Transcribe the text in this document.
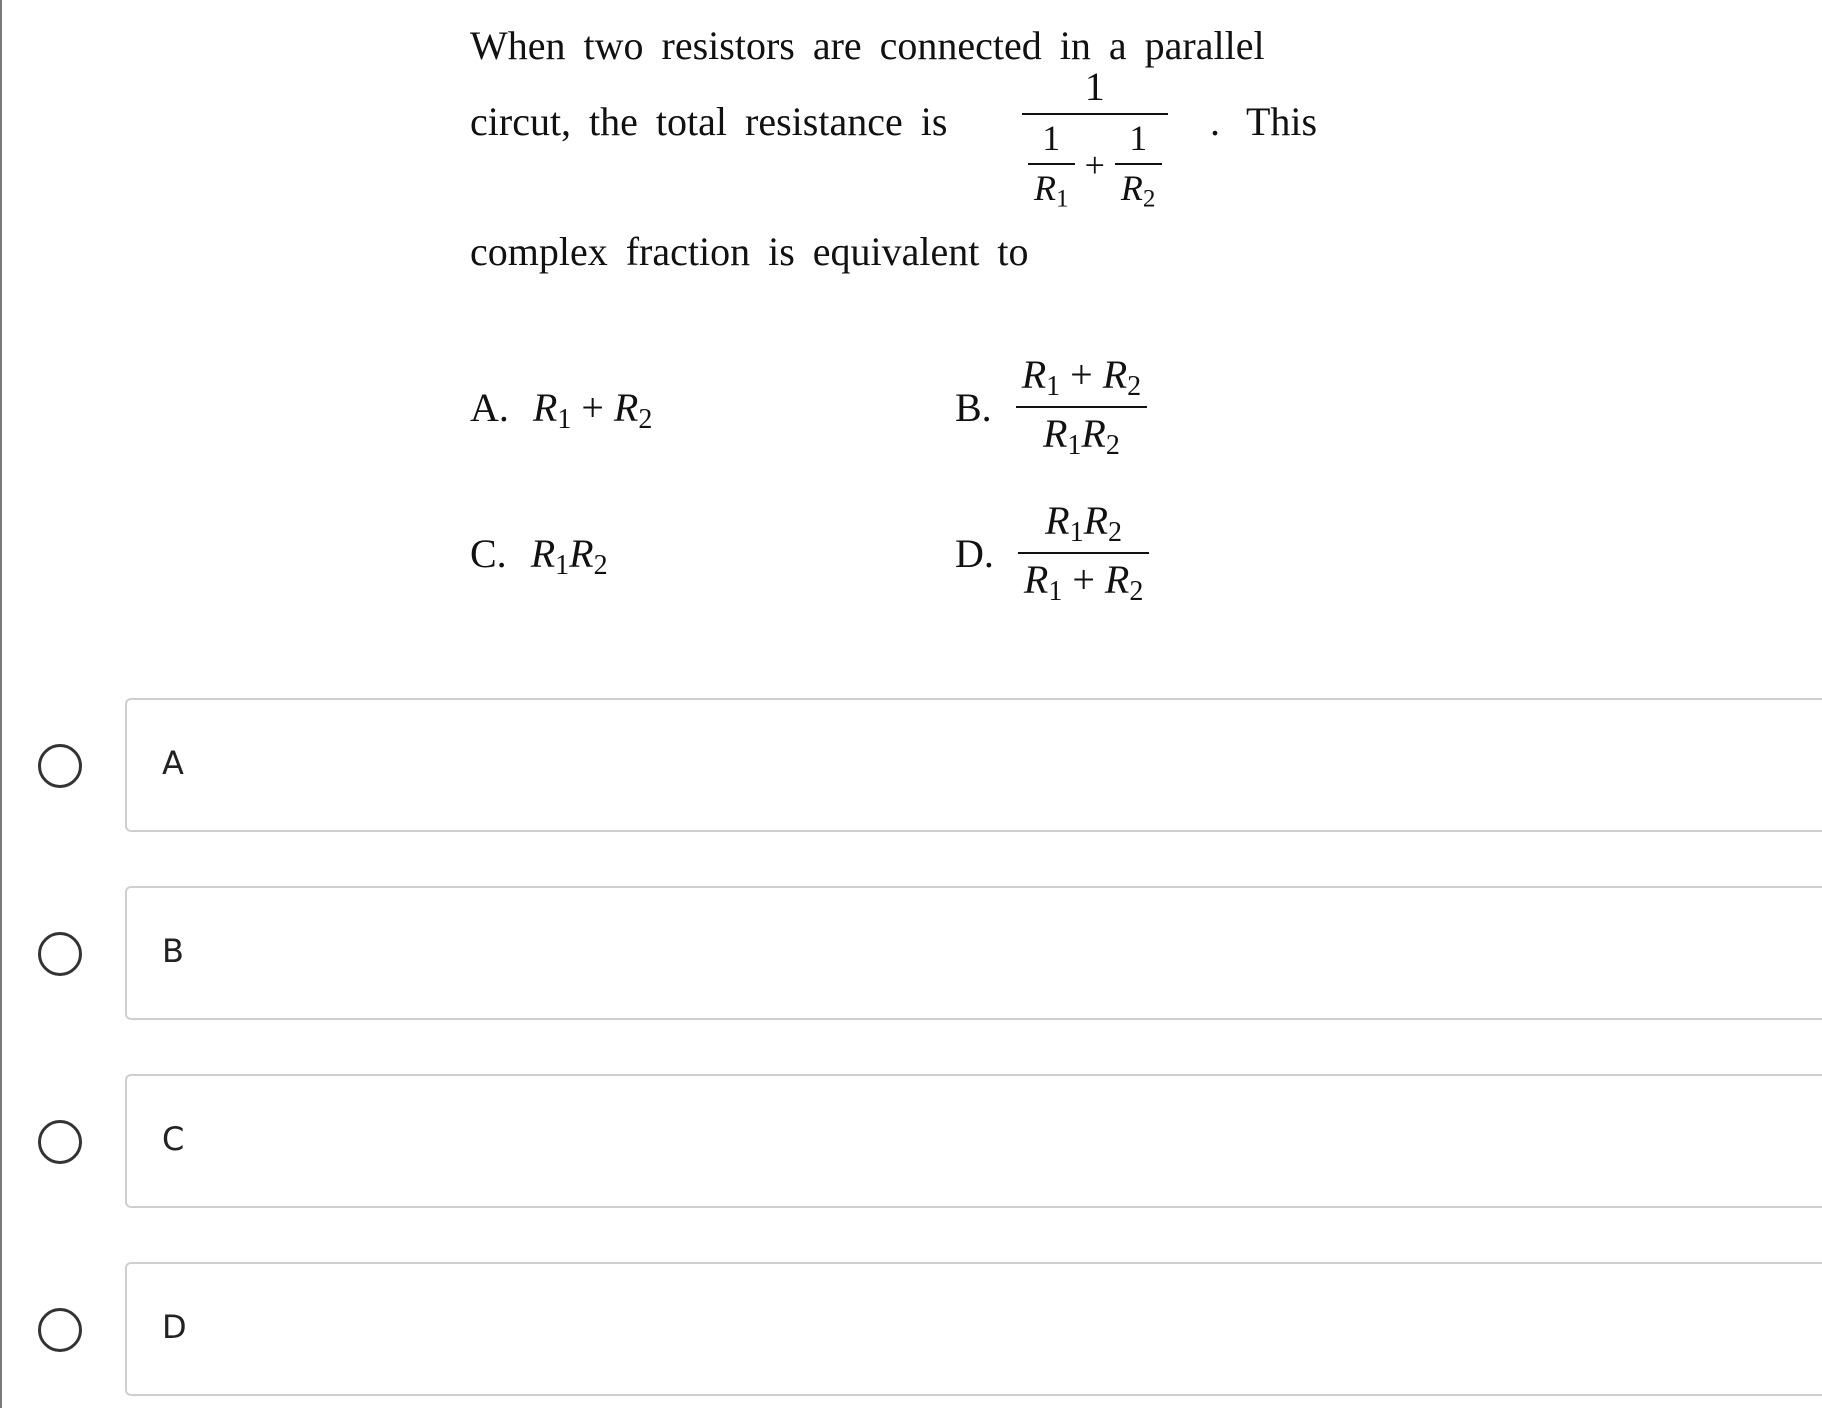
When two resistors are connected in a parallel
circut, the total resistance is
1
$\frac{1}{R_1} + \frac{1}{R_2}$ . This
complex fraction is equivalent to
A. $R_1 + R_2$	B. $\frac{R_1 + R_2}{R_1R_2}$
C. $R_1R_2$	D. $\frac{R_1R_2}{R_1 + R_2}$
A
B
C
D
